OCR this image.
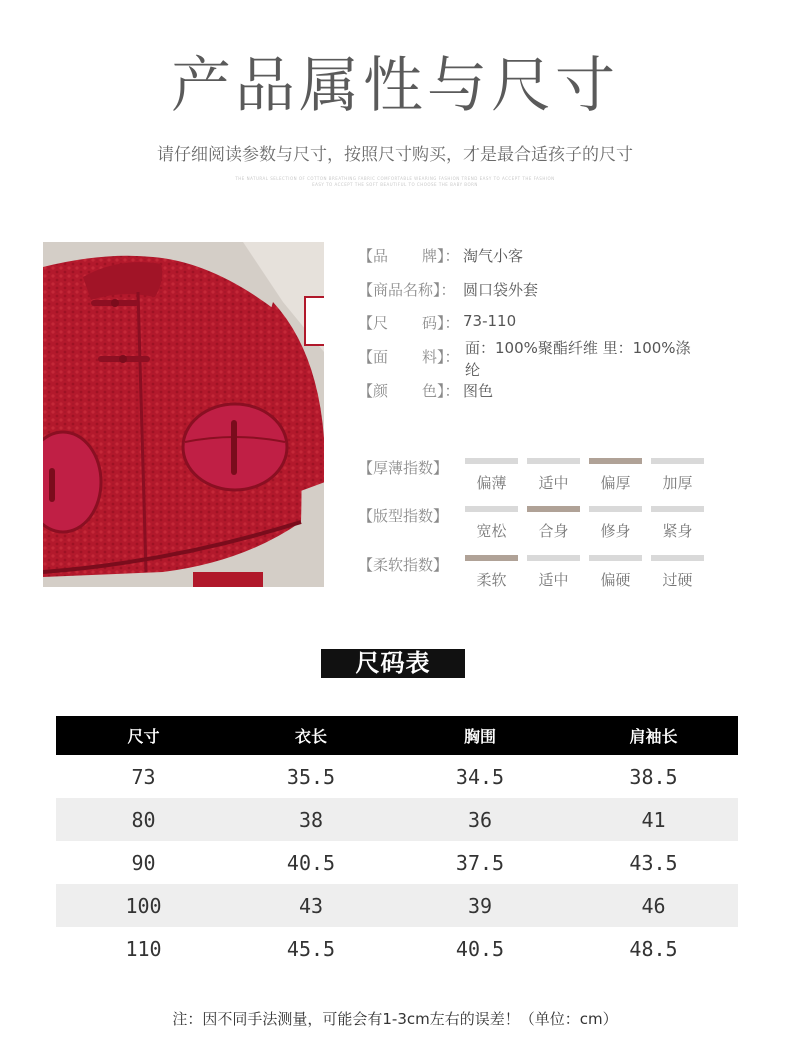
产品属性与尺寸
请仔细阅读参数与尺寸，按照尺寸购买，才是最合适孩子的尺寸
THE NATURAL SELECTION OF COTTON BREATHING FABRIC COMFORTABLE WEARING FASHION TREND EASY TO ACCEPT THE FASHION
EASY TO ACCEPT THE SOFT BEAUTIFUL TO CHOOSE THE BABY BORN
【 品 牌 】： 淘气小客
【 商品名称 】： 圆口袋外套
【 尺 码 】： 73-110
【 面 料 】： 面：100%聚酯纤维 里：100%涤纶
【 颜 色 】： 图色
【厚薄指数】
偏薄	适中	偏厚	加厚
【版型指数】
宽松	合身	修身	紧身
【柔软指数】
柔软	适中	偏硬	过硬
尺码表
尺寸	衣长	胸围	肩袖长
73	35.5	34.5	38.5
80	38	36	41
90	40.5	37.5	43.5
100	43	39	46
110	45.5	40.5	48.5
注：因不同手法测量，可能会有1-3cm左右的误差！（单位：cm）
